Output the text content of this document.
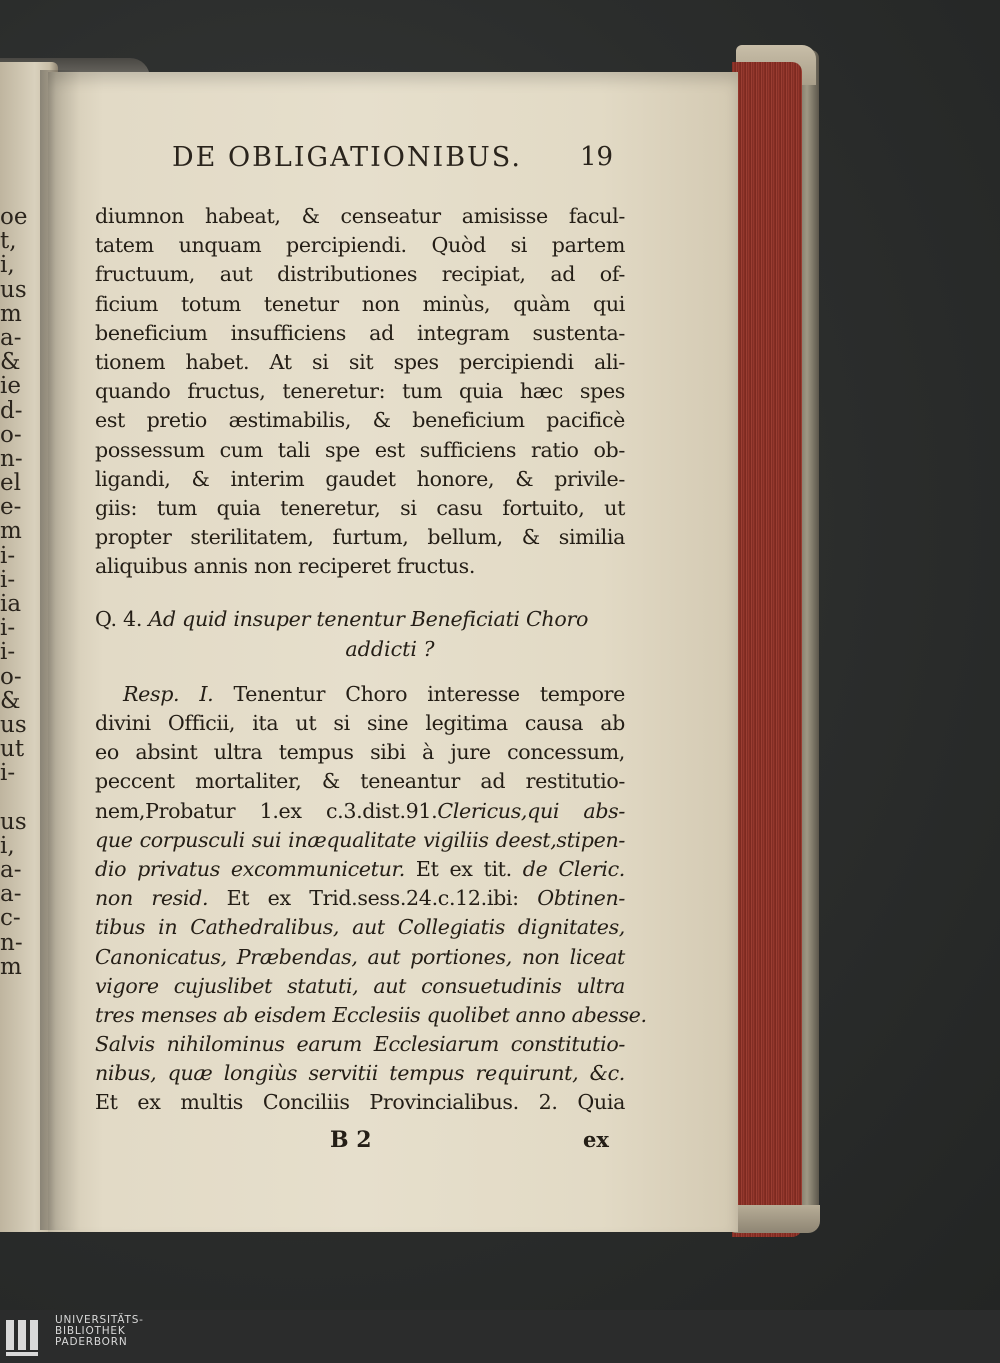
oe
t,
i,
us
m
a-
&
ie
d-
o-
n-
el
e-
m
i-
i-
ia
i-
i-
o-
&
us
ut
i-
us
i,
a-
a-
c-
n-
m
DE OBLIGATIONIBUS.	19
diumnon habeat, & censeatur amisisse facul-
tatem unquam percipiendi. Quòd si partem
fructuum, aut distributiones recipiat, ad of-
ficium totum tenetur non minùs, quàm qui
beneficium insufficiens ad integram sustenta-
tionem habet. At si sit spes percipiendi ali-
quando fructus, teneretur: tum quia hæc spes
est pretio æstimabilis, & beneficium pacificè
possessum cum tali spe est sufficiens ratio ob-
ligandi, & interim gaudet honore, & privile-
giis: tum quia teneretur, si casu fortuito, ut
propter sterilitatem, furtum, bellum, & similia
aliquibus annis non reciperet fructus.
Q. 4. Ad quid insuper tenentur Beneficiati Choro
addicti ?
Resp. I. Tenentur Choro interesse tempore
divini Officii, ita ut si sine legitima causa ab
eo absint ultra tempus sibi à jure concessum,
peccent mortaliter, & teneantur ad restitutio-
nem,Probatur 1.ex c.3.dist.91.Clericus,qui abs-
que corpusculi sui inæqualitate vigiliis deest,stipen-
dio privatus excommunicetur. Et ex tit. de Cleric.
non resid. Et ex Trid.sess.24.c.12.ibi: Obtinen-
tibus in Cathedralibus, aut Collegiatis dignitates,
Canonicatus, Præbendas, aut portiones, non liceat
vigore cujuslibet statuti, aut consuetudinis ultra
tres menses ab eisdem Ecclesiis quolibet anno abesse.
Salvis nihilominus earum Ecclesiarum constitutio-
nibus, quæ longiùs servitii tempus requirunt, &c.
Et ex multis Conciliis Provincialibus. 2. Quia
B 2	ex
UNIVERSITÄTS-
BIBLIOTHEK
PADERBORN
